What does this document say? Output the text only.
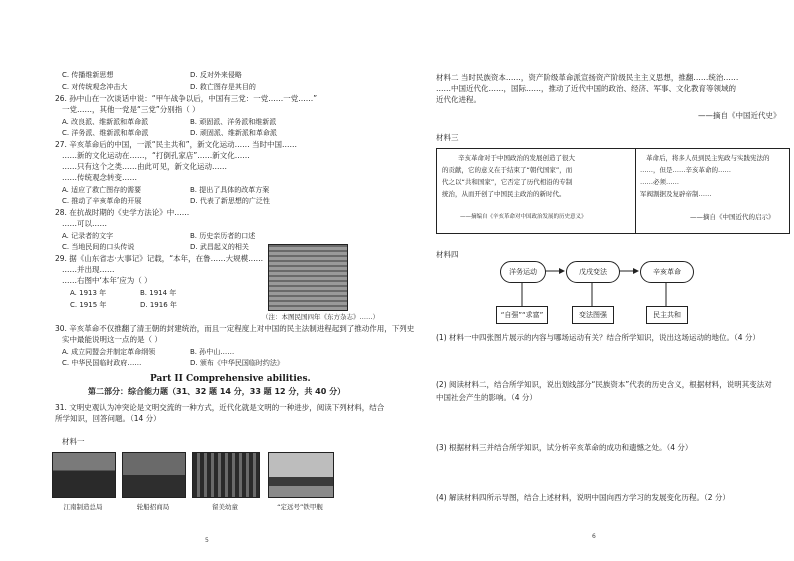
C. 传播维新思想	D. 反对外来侵略
C. 对传统观念冲击大	D. 救亡图存是其目的
26. 孙中山在一次谈话中说：“甲午战争以后，中国有三党：一党……一党……”
一党……，其他一党是“三党”分别指（ ）
A. 改良派、维新派和革命派	B. 顽固派、洋务派和维新派
C. 洋务派、维新派和革命派	D. 顽固派、维新派和革命派
27. 辛亥革命后的中国，一派“民主共和”，新文化运动…… 当时中国……
……新的文化运动在……，“打倒孔家店”……新文化……
……只有这个之类……由此可见，新文化运动……
……传统观念转变……
A. 适应了救亡图存的需要	B. 提出了具体的改革方案
C. 推动了辛亥革命的开展	D. 代表了新思想的广泛性
28. 在抗战时期的《史学方法论》中……
……可以……
A. 记录者的文字	B. 历史亲历者的口述
C. 当地民间的口头传说	D. 武昌起义的相关
29. 据《山东省志·大事记》记载，“本年，在鲁……大规模……
……并出现……
……右图中‘本年’应为（ ）
A. 1913 年	B. 1914 年
C. 1915 年	D. 1916 年
（注：本图民国四年《东方杂志》……）
30. 辛亥革命不仅推翻了清王朝的封建统治，而且一定程度上对中国的民主法制进程起到了推动作用，下列史
实中最能说明这一点的是（ ）
A. 成立同盟会并制定革命纲领	B. 孙中山……
C. 中华民国临时政府……	D. 颁布《中华民国临时约法》
Part II Comprehensive abilities.
第二部分：综合能力题（31、32 题 14 分，33 题 12 分，共 40 分）
31. 文明史观认为冲突论是文明交流的一种方式，近代化就是文明的一种进步，阅读下列材料，结合
所学知识，回答问题。（14 分）
材料一
江南制造总局	轮船招商局	留美幼童	“定远号”铁甲舰
5
材料二 当时民族资本……，资产阶级革命派宣扬资产阶级民主主义思想，推翻……统治……
……中国近代化……，国际……，推动了近代中国的政治、经济、军事、文化教育等领域的
近代化进程。
——摘自《中国近代史》
材料三
辛亥革命对于中国政治的发展创造了很大
的贡献，它的意义在于结束了“朝代国家”，而
代之以“共和国家”，它否定了历代相沿的专制
统治，从而开创了中国民主政治的新时代。
——摘编自《辛亥革命对中国政治发展的历史意义》
革命后，将多人员到民主宪政与实践宪法的
……，但是……辛亥革命的……
……必须……
军阀割据及复辟帝制……
——摘自《中国近代的启示》
材料四
洋务运动	戊戌变法	辛亥革命
“自强”“求富”	变法图强	民主共和
(1) 材料一中四张图片展示的内容与哪场运动有关？结合所学知识，说出这场运动的地位。（4 分）
(2) 阅读材料二，结合所学知识，说出划线部分“民族资本”代表的历史含义，根据材料，说明其变法对
中国社会产生的影响。（4 分）
(3) 根据材料三并结合所学知识，试分析辛亥革命的成功和遗憾之处。（4 分）
(4) 解读材料四所示导图，结合上述材料，说明中国向西方学习的发展变化历程。（2 分）
6
